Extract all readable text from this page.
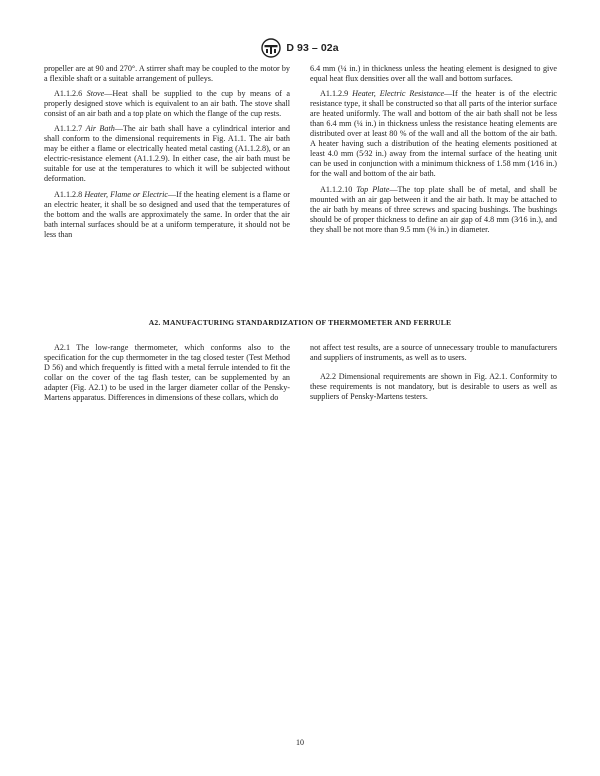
D 93 – 02a

propeller are at 90 and 270°. A stirrer shaft may be coupled to the motor by a flexible shaft or a suitable arrangement of pulleys.

A1.1.2.6 Stove—Heat shall be supplied to the cup by means of a properly designed stove which is equivalent to an air bath. The stove shall consist of an air bath and a top plate on which the flange of the cup rests.

A1.1.2.7 Air Bath—The air bath shall have a cylindrical interior and shall conform to the dimensional requirements in Fig. A1.1. The air bath may be either a flame or electrically heated metal casting (A1.1.2.8), or an electric-resistance element (A1.1.2.9). In either case, the air bath must be suitable for use at the temperatures to which it will be subjected without deformation.

A1.1.2.8 Heater, Flame or Electric—If the heating element is a flame or an electric heater, it shall be so designed and used that the temperatures of the bottom and the walls are approximately the same. In order that the air bath internal surfaces should be at a uniform temperature, it should not be less than

6.4 mm (¼ in.) in thickness unless the heating element is designed to give equal heat flux densities over all the wall and bottom surfaces.

A1.1.2.9 Heater, Electric Resistance—If the heater is of the electric resistance type, it shall be constructed so that all parts of the interior surface are heated uniformly. The wall and bottom of the air bath shall not be less than 6.4 mm (¼ in.) in thickness unless the resistance heating elements are distributed over at least 80 % of the wall and all the bottom of the air bath. A heater having such a distribution of the heating elements positioned at least 4.0 mm (5⁄32 in.) away from the internal surface of the heating unit can be used in conjunction with a minimum thickness of 1.58 mm (1⁄16 in.) for the wall and bottom of the air bath.

A1.1.2.10 Top Plate—The top plate shall be of metal, and shall be mounted with an air gap between it and the air bath. It may be attached to the air bath by means of three screws and spacing bushings. The bushings should be of proper thickness to define an air gap of 4.8 mm (3⁄16 in.), and they shall be not more than 9.5 mm (⅜ in.) in diameter.

A2. MANUFACTURING STANDARDIZATION OF THERMOMETER AND FERRULE

A2.1 The low-range thermometer, which conforms also to the specification for the cup thermometer in the tag closed tester (Test Method D 56) and which frequently is fitted with a metal ferrule intended to fit the collar on the cover of the tag flash tester, can be supplemented by an adapter (Fig. A2.1) to be used in the larger diameter collar of the Pensky-Martens apparatus. Differences in dimensions of these collars, which do

not affect test results, are a source of unnecessary trouble to manufacturers and suppliers of instruments, as well as to users.

A2.2 Dimensional requirements are shown in Fig. A2.1. Conformity to these requirements is not mandatory, but is desirable to users as well as suppliers of Pensky-Martens testers.

10
